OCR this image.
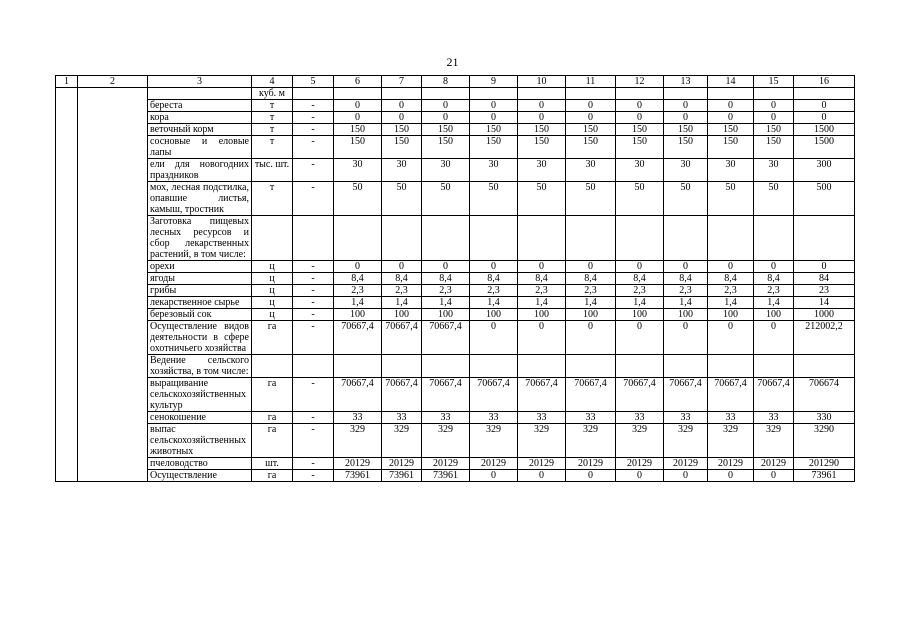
21
1	2	3	4	5	6	7	8	9	10	11	12	13	14	15	16
			куб. м												
		береста	т	-	0	0	0	0	0	0	0	0	0	0	0
		кора	т	-	0	0	0	0	0	0	0	0	0	0	0
		веточный корм	т	-	150	150	150	150	150	150	150	150	150	150	1500
		сосновые и еловые лапы	т	-	150	150	150	150	150	150	150	150	150	150	1500
		ели для новогодних праздников	тыс. шт.	-	30	30	30	30	30	30	30	30	30	30	300
		мох, лесная подстилка, опавшие листья, камыш, тростник	т	-	50	50	50	50	50	50	50	50	50	50	500
		Заготовка пищевых лесных ресурсов и сбор лекарственных растений, в том числе:													
		орехи	ц	-	0	0	0	0	0	0	0	0	0	0	0
		ягоды	ц	-	8,4	8,4	8,4	8,4	8,4	8,4	8,4	8,4	8,4	8,4	84
		грибы	ц	-	2,3	2,3	2,3	2,3	2,3	2,3	2,3	2,3	2,3	2,3	23
		лекарственное сырье	ц	-	1,4	1,4	1,4	1,4	1,4	1,4	1,4	1,4	1,4	1,4	14
		березовый сок	ц	-	100	100	100	100	100	100	100	100	100	100	1000
		Осуществление видов деятельности в сфере охотничьего хозяйства	га	-	70667,4	70667,4	70667,4	0	0	0	0	0	0	0	212002,2
		Ведение сельского хозяйства, в том числе:													
		выращивание сельскохозяйственных культур	га	-	70667,4	70667,4	70667,4	70667,4	70667,4	70667,4	70667,4	70667,4	70667,4	70667,4	706674
		сенокошение	га	-	33	33	33	33	33	33	33	33	33	33	330
		выпас сельскохозяйственных животных	га	-	329	329	329	329	329	329	329	329	329	329	3290
		пчеловодство	шт.	-	20129	20129	20129	20129	20129	20129	20129	20129	20129	20129	201290
		Осуществление	га	-	73961	73961	73961	0	0	0	0	0	0	0	73961
